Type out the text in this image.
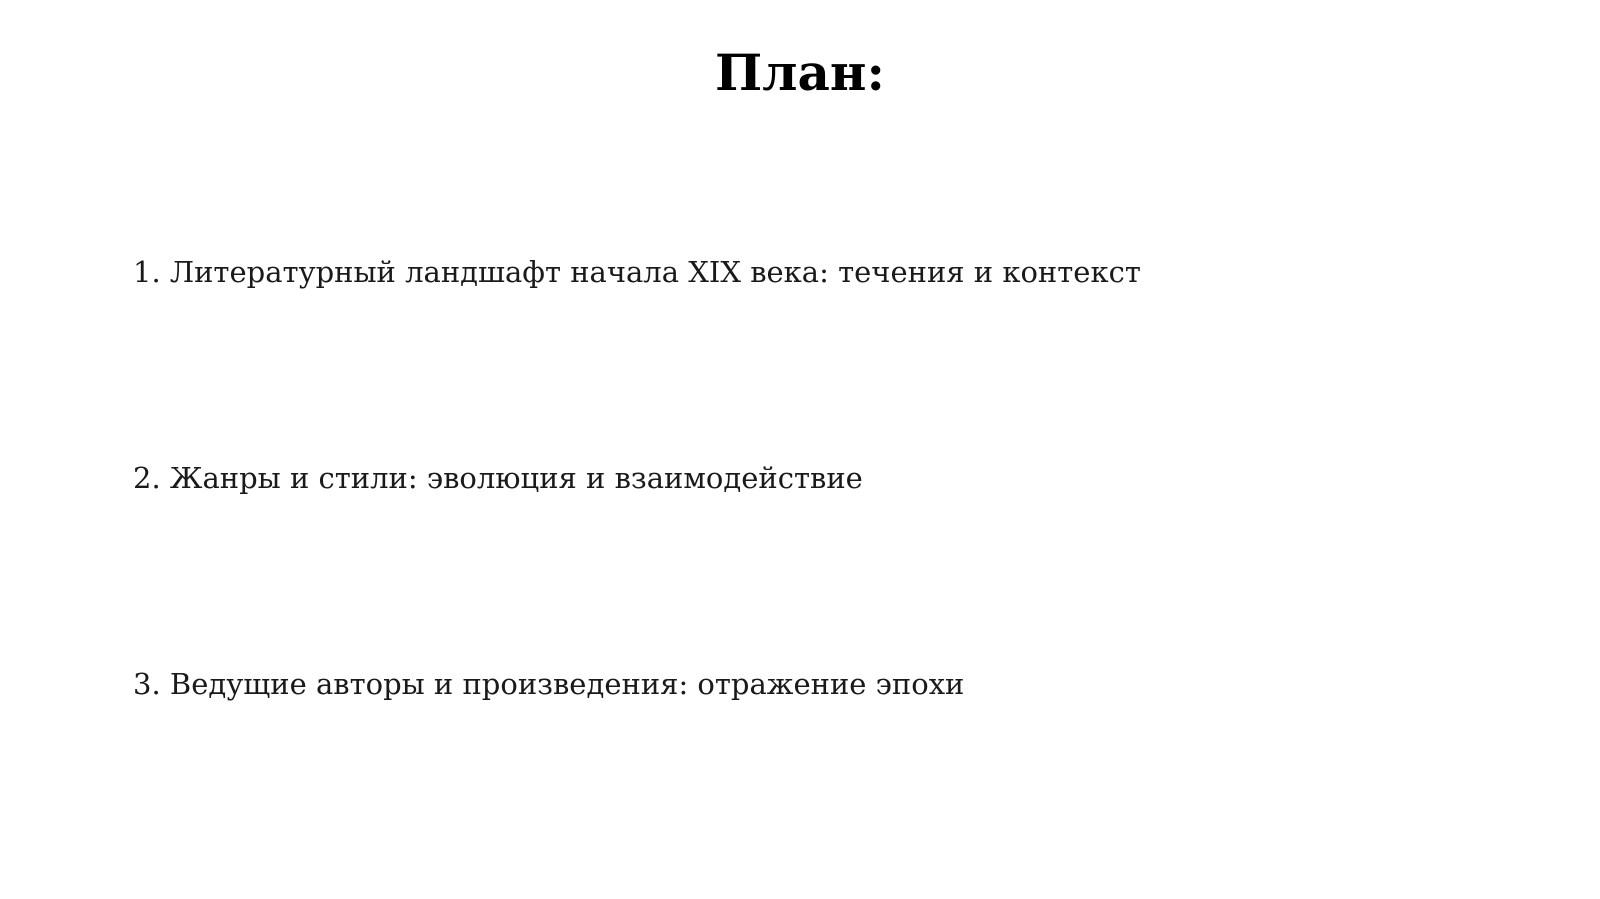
План:
1. Литературный ландшафт начала XIX века: течения и контекст
2. Жанры и стили: эволюция и взаимодействие
3. Ведущие авторы и произведения: отражение эпохи
